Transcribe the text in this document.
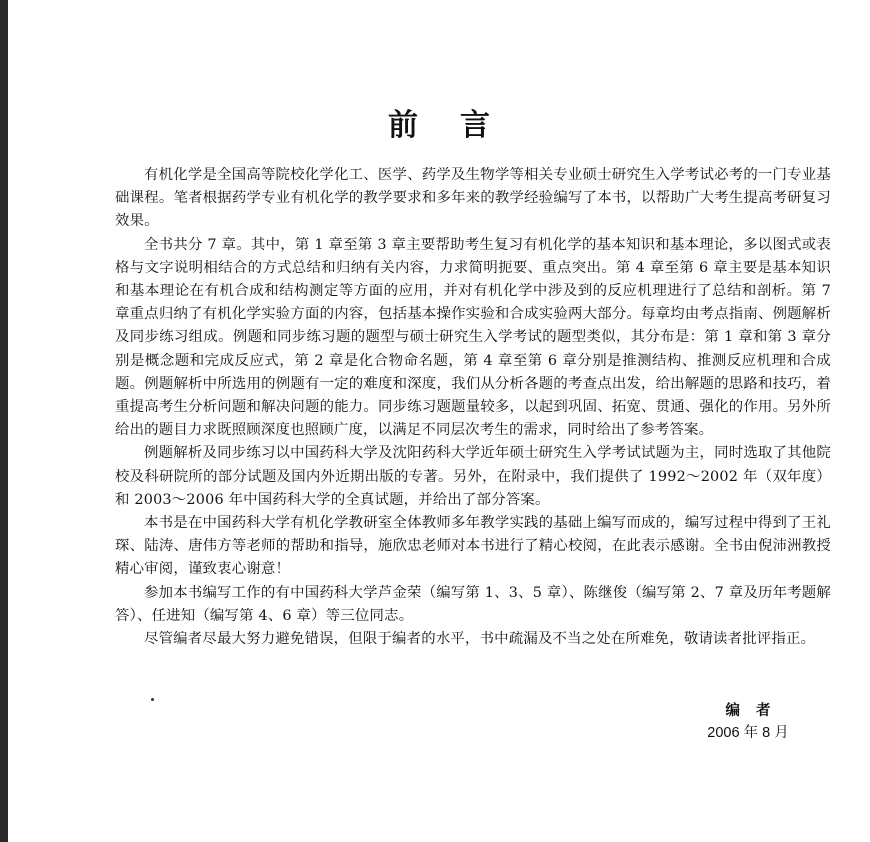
前言

有机化学是全国高等院校化学化工、医学、药学及生物学等相关专业硕士研究生入学考试必考的一门专业基础课程。笔者根据药学专业有机化学的教学要求和多年来的教学经验编写了本书，以帮助广大考生提高考研复习效果。

全书共分 7 章。其中，第 1 章至第 3 章主要帮助考生复习有机化学的基本知识和基本理论，多以图式或表格与文字说明相结合的方式总结和归纳有关内容，力求简明扼要、重点突出。第 4 章至第 6 章主要是基本知识和基本理论在有机合成和结构测定等方面的应用，并对有机化学中涉及到的反应机理进行了总结和剖析。第 7 章重点归纳了有机化学实验方面的内容，包括基本操作实验和合成实验两大部分。每章均由考点指南、例题解析及同步练习组成。例题和同步练习题的题型与硕士研究生入学考试的题型类似，其分布是：第 1 章和第 3 章分别是概念题和完成反应式，第 2 章是化合物命名题，第 4 章至第 6 章分别是推测结构、推测反应机理和合成题。例题解析中所选用的例题有一定的难度和深度，我们从分析各题的考查点出发，给出解题的思路和技巧，着重提高考生分析问题和解决问题的能力。同步练习题题量较多，以起到巩固、拓宽、贯通、强化的作用。另外所给出的题目力求既照顾深度也照顾广度，以满足不同层次考生的需求，同时给出了参考答案。

例题解析及同步练习以中国药科大学及沈阳药科大学近年硕士研究生入学考试试题为主，同时选取了其他院校及科研院所的部分试题及国内外近期出版的专著。另外，在附录中，我们提供了 1992～2002 年（双年度）和 2003～2006 年中国药科大学的全真试题，并给出了部分答案。

本书是在中国药科大学有机化学教研室全体教师多年教学实践的基础上编写而成的，编写过程中得到了王礼琛、陆涛、唐伟方等老师的帮助和指导，施欣忠老师对本书进行了精心校阅，在此表示感谢。全书由倪沛洲教授精心审阅，谨致衷心谢意！

参加本书编写工作的有中国药科大学芦金荣（编写第 1、3、5 章）、陈继俊（编写第 2、7 章及历年考题解答）、任进知（编写第 4、6 章）等三位同志。

尽管编者尽最大努力避免错误，但限于编者的水平，书中疏漏及不当之处在所难免，敬请读者批评指正。

编者
2006 年 8 月
